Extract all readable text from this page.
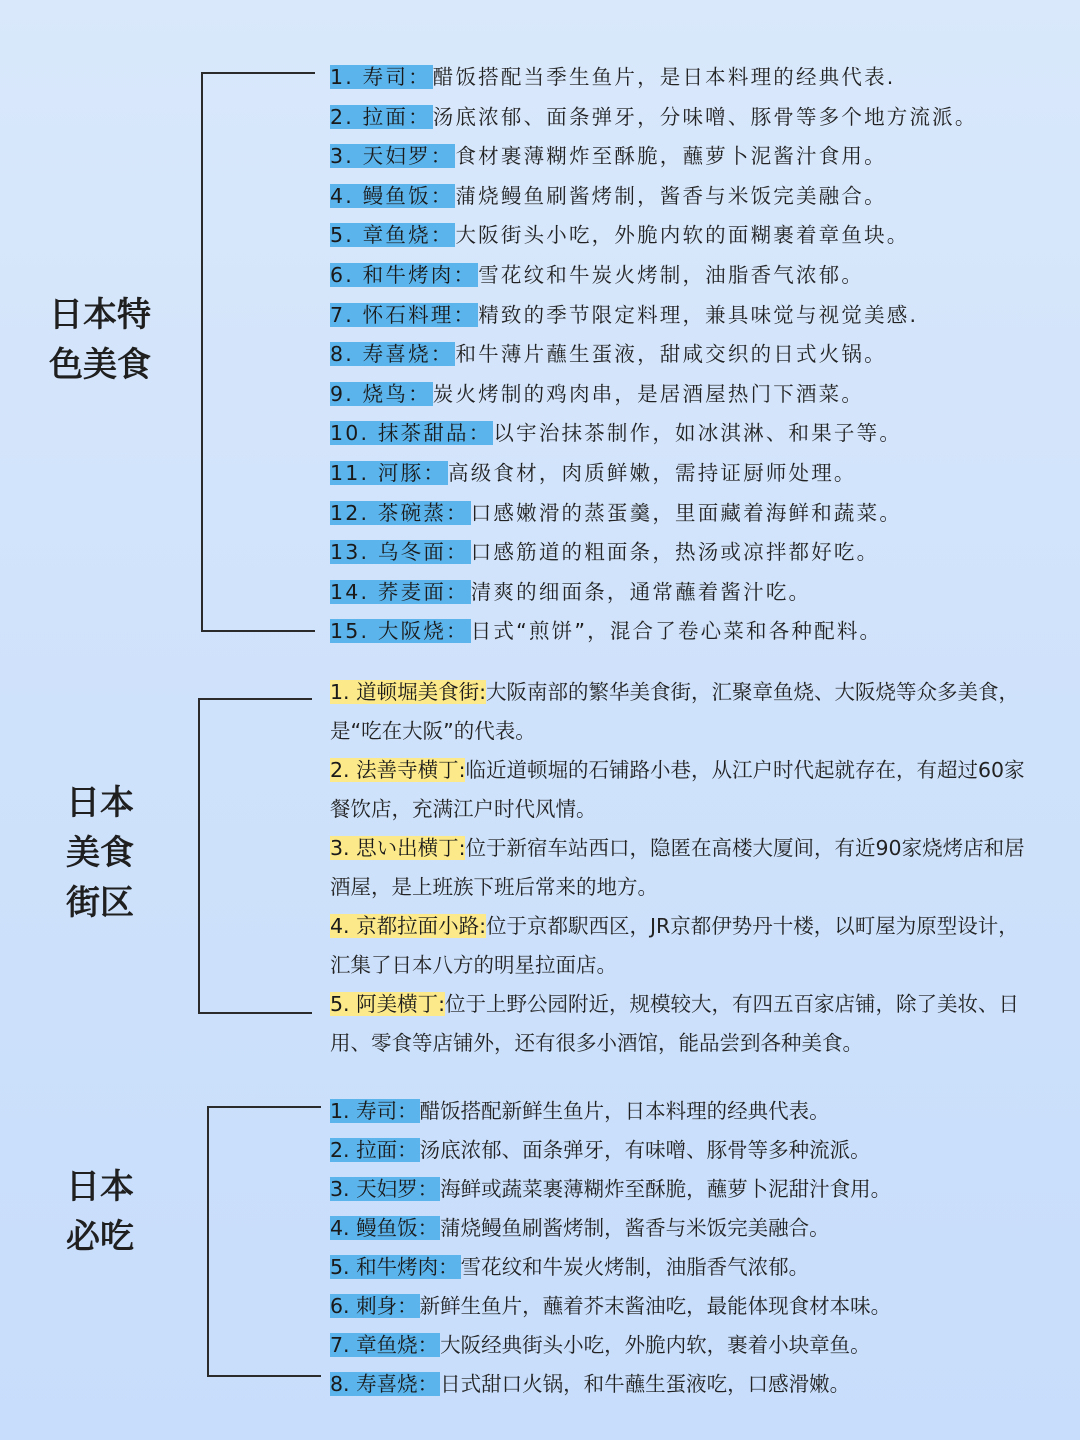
日本特
色美食
1. 寿司：醋饭搭配当季生鱼片，是日本料理的经典代表.
2. 拉面：汤底浓郁、面条弹牙，分味噌、豚骨等多个地方流派。
3. 天妇罗：食材裹薄糊炸至酥脆，蘸萝卜泥酱汁食用。
4. 鳗鱼饭：蒲烧鳗鱼刷酱烤制，酱香与米饭完美融合。
5. 章鱼烧：大阪街头小吃，外脆内软的面糊裹着章鱼块。
6. 和牛烤肉：雪花纹和牛炭火烤制，油脂香气浓郁。
7. 怀石料理：精致的季节限定料理，兼具味觉与视觉美感.
8. 寿喜烧：和牛薄片蘸生蛋液，甜咸交织的日式火锅。
9. 烧鸟：炭火烤制的鸡肉串，是居酒屋热门下酒菜。
10. 抹茶甜品：以宇治抹茶制作，如冰淇淋、和果子等。
11. 河豚：高级食材，肉质鲜嫩，需持证厨师处理。
12. 茶碗蒸：口感嫩滑的蒸蛋羹，里面藏着海鲜和蔬菜。
13. 乌冬面：口感筋道的粗面条，热汤或凉拌都好吃。
14. 荞麦面：清爽的细面条，通常蘸着酱汁吃。
15. 大阪烧：日式“煎饼”，混合了卷心菜和各种配料。
日本
美食
街区
1. 道顿堀美食街:大阪南部的繁华美食街，汇聚章鱼烧、大阪烧等众多美食，是“吃在大阪”的代表。
2. 法善寺横丁:临近道顿堀的石铺路小巷，从江户时代起就存在，有超过60家餐饮店，充满江户时代风情。
3. 思い出横丁:位于新宿车站西口，隐匿在高楼大厦间，有近90家烧烤店和居酒屋，是上班族下班后常来的地方。
4. 京都拉面小路:位于京都駅西区，JR京都伊势丹十楼，以町屋为原型设计，汇集了日本八方的明星拉面店。
5. 阿美横丁:位于上野公园附近，规模较大，有四五百家店铺，除了美妆、日用、零食等店铺外，还有很多小酒馆，能品尝到各种美食。
日本
必吃
1. 寿司：醋饭搭配新鲜生鱼片，日本料理的经典代表。
2. 拉面：汤底浓郁、面条弹牙，有味噌、豚骨等多种流派。
3. 天妇罗：海鲜或蔬菜裹薄糊炸至酥脆，蘸萝卜泥甜汁食用。
4. 鳗鱼饭：蒲烧鳗鱼刷酱烤制，酱香与米饭完美融合。
5. 和牛烤肉：雪花纹和牛炭火烤制，油脂香气浓郁。
6. 刺身：新鲜生鱼片，蘸着芥末酱油吃，最能体现食材本味。
7. 章鱼烧：大阪经典街头小吃，外脆内软，裹着小块章鱼。
8. 寿喜烧：日式甜口火锅，和牛蘸生蛋液吃，口感滑嫩。
